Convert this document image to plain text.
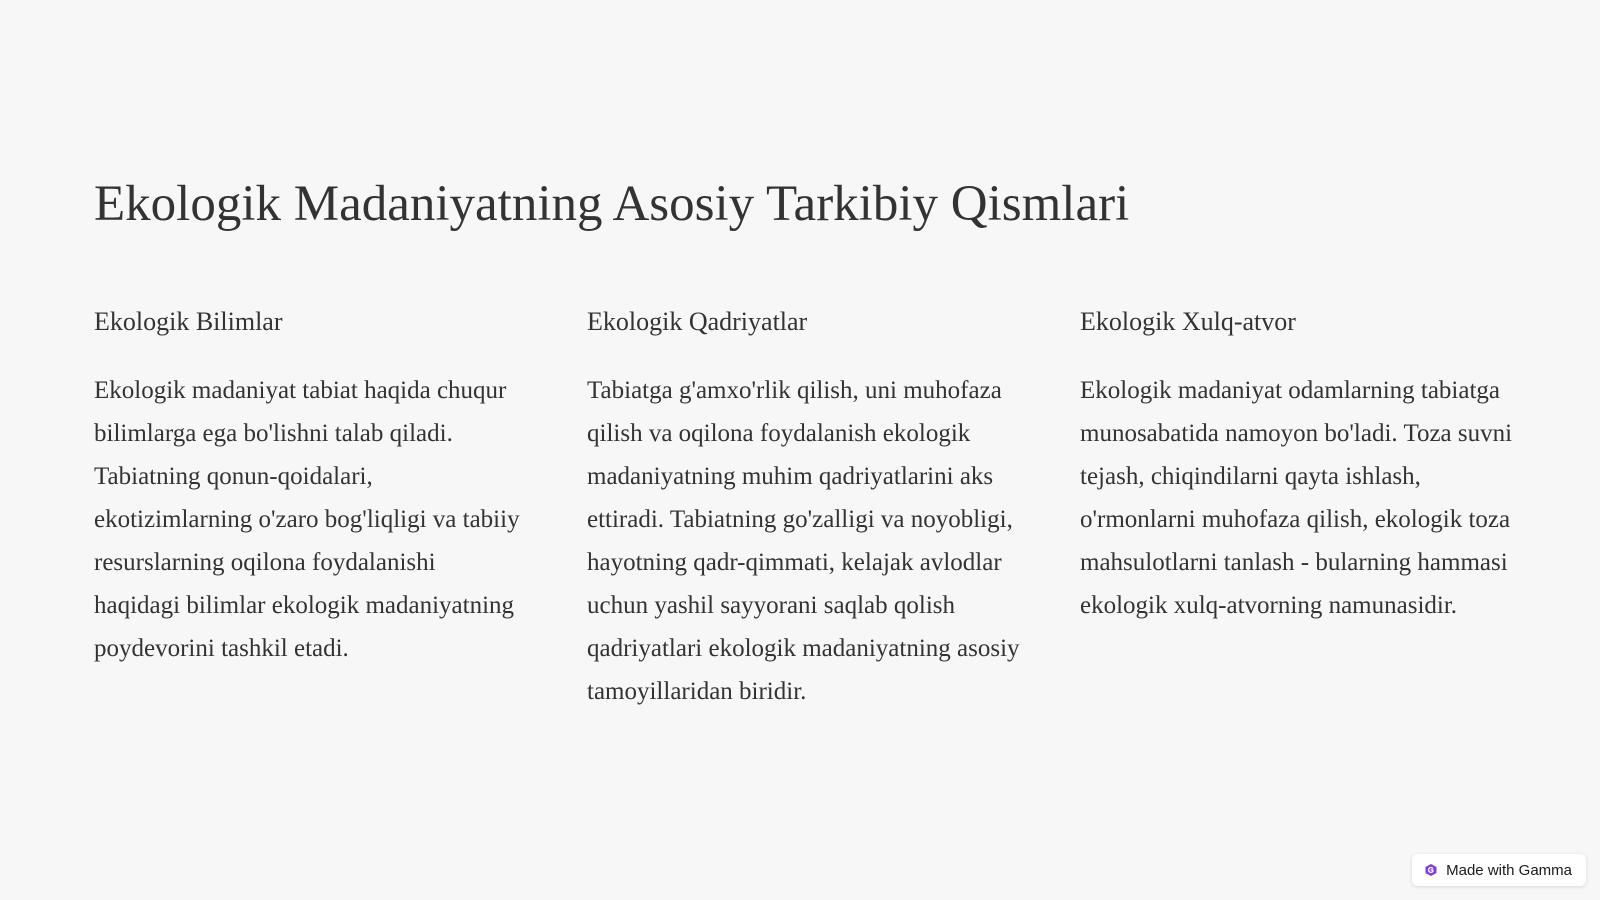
Ekologik Madaniyatning Asosiy Tarkibiy Qismlari
Ekologik Bilimlar

Ekologik madaniyat tabiat haqida chuqur bilimlarga ega bo'lishni talab qiladi. Tabiatning qonun-qoidalari, ekotizimlarning o'zaro bog'liqligi va tabiiy resurslarning oqilona foydalanishi haqidagi bilimlar ekologik madaniyatning poydevorini tashkil etadi.

Ekologik Qadriyatlar

Tabiatga g'amxo'rlik qilish, uni muhofaza qilish va oqilona foydalanish ekologik madaniyatning muhim qadriyatlarini aks ettiradi. Tabiatning go'zalligi va noyobligi, hayotning qadr-qimmati, kelajak avlodlar uchun yashil sayyorani saqlab qolish qadriyatlari ekologik madaniyatning asosiy tamoyillaridan biridir.

Ekologik Xulq-atvor

Ekologik madaniyat odamlarning tabiatga munosabatida namoyon bo'ladi. Toza suvni tejash, chiqindilarni qayta ishlash, o'rmonlarni muhofaza qilish, ekologik toza mahsulotlarni tanlash - bularning hammasi ekologik xulq-atvorning namunasidir.

Made with Gamma
